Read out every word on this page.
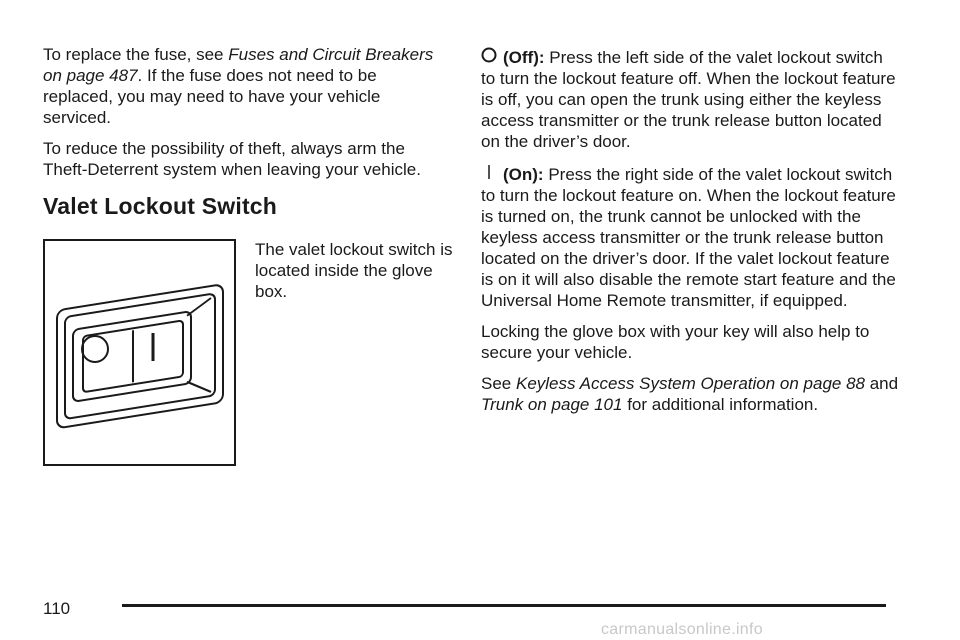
To replace the fuse, see Fuses and Circuit Breakers on page 487. If the fuse does not need to be replaced, you may need to have your vehicle serviced.

To reduce the possibility of theft, always arm the Theft-Deterrent system when leaving your vehicle.

Valet Lockout Switch

The valet lockout switch is located inside the glove box.

(Off): Press the left side of the valet lockout switch to turn the lockout feature off. When the lockout feature is off, you can open the trunk using either the keyless access transmitter or the trunk release button located on the driver’s door.

(On): Press the right side of the valet lockout switch to turn the lockout feature on. When the lockout feature is turned on, the trunk cannot be unlocked with the keyless access transmitter or the trunk release button located on the driver’s door. If the valet lockout feature is on it will also disable the remote start feature and the Universal Home Remote transmitter, if equipped.

Locking the glove box with your key will also help to secure your vehicle.

See Keyless Access System Operation on page 88 and Trunk on page 101 for additional information.

110
carmanualsonline.info
